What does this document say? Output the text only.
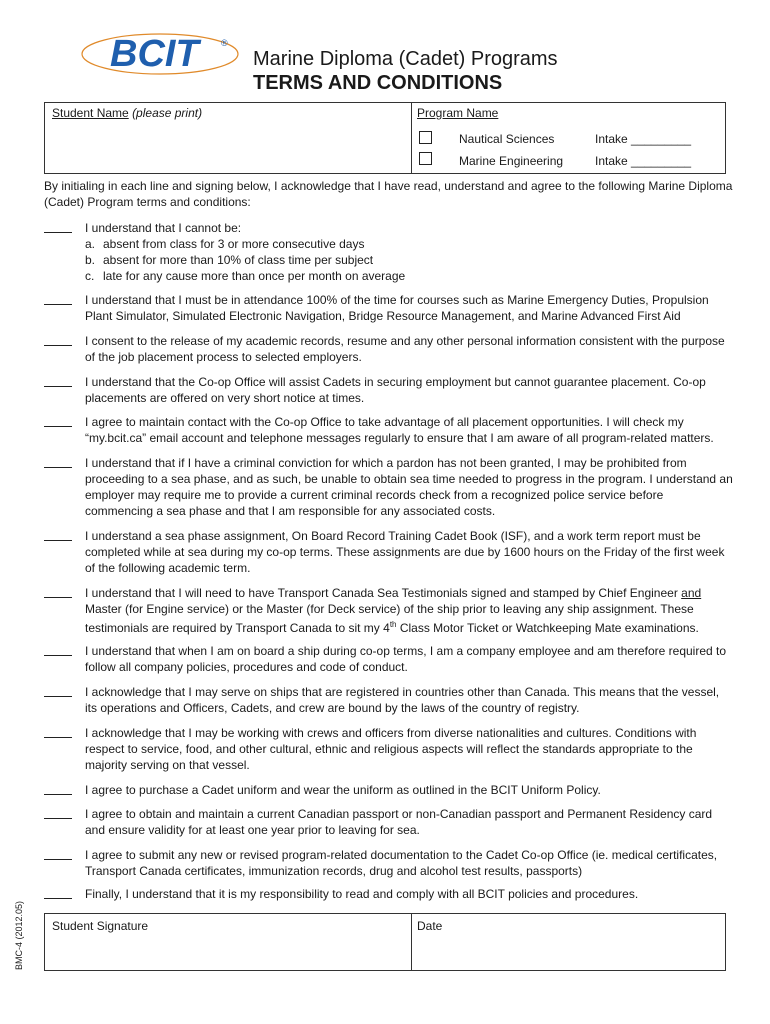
BCIT	®
Marine Diploma (Cadet) Programs
TERMS AND CONDITIONS
Student Name (please print)	Program Name
Nautical Sciences	Intake _________
Marine Engineering	Intake _________
By initialing in each line and signing below, I acknowledge that I have read, understand and agree to the following Marine Diploma (Cadet) Program terms and conditions:
I understand that I cannot be:
a. absent from class for 3 or more consecutive days
b. absent for more than 10% of class time per subject
c. late for any cause more than once per month on average
I understand that I must be in attendance 100% of the time for courses such as Marine Emergency Duties, Propulsion Plant Simulator, Simulated Electronic Navigation, Bridge Resource Management, and Marine Advanced First Aid
I consent to the release of my academic records, resume and any other personal information consistent with the purpose of the job placement process to selected employers.
I understand that the Co-op Office will assist Cadets in securing employment but cannot guarantee placement. Co-op placements are offered on very short notice at times.
I agree to maintain contact with the Co-op Office to take advantage of all placement opportunities. I will check my “my.bcit.ca” email account and telephone messages regularly to ensure that I am aware of all program-related matters.
I understand that if I have a criminal conviction for which a pardon has not been granted, I may be prohibited from proceeding to a sea phase, and as such, be unable to obtain sea time needed to progress in the program. I understand an employer may require me to provide a current criminal records check from a recognized police service before commencing a sea phase and that I am responsible for any associated costs.
I understand a sea phase assignment, On Board Record Training Cadet Book (ISF), and a work term report must be completed while at sea during my co-op terms. These assignments are due by 1600 hours on the Friday of the first week of the following academic term.
I understand that I will need to have Transport Canada Sea Testimonials signed and stamped by Chief Engineer and Master (for Engine service) or the Master (for Deck service) of the ship prior to leaving any ship assignment. These testimonials are required by Transport Canada to sit my 4th Class Motor Ticket or Watchkeeping Mate examinations.
I understand that when I am on board a ship during co-op terms, I am a company employee and am therefore required to follow all company policies, procedures and code of conduct.
I acknowledge that I may serve on ships that are registered in countries other than Canada. This means that the vessel, its operations and Officers, Cadets, and crew are bound by the laws of the country of registry.
I acknowledge that I may be working with crews and officers from diverse nationalities and cultures. Conditions with respect to service, food, and other cultural, ethnic and religious aspects will reflect the standards appropriate to the majority serving on that vessel.
I agree to purchase a Cadet uniform and wear the uniform as outlined in the BCIT Uniform Policy.
I agree to obtain and maintain a current Canadian passport or non-Canadian passport and Permanent Residency card and ensure validity for at least one year prior to leaving for sea.
I agree to submit any new or revised program-related documentation to the Cadet Co-op Office (ie. medical certificates, Transport Canada certificates, immunization records, drug and alcohol test results, passports)
Finally, I understand that it is my responsibility to read and comply with all BCIT policies and procedures.
Student Signature	Date
BMC-4 (2012.05)
